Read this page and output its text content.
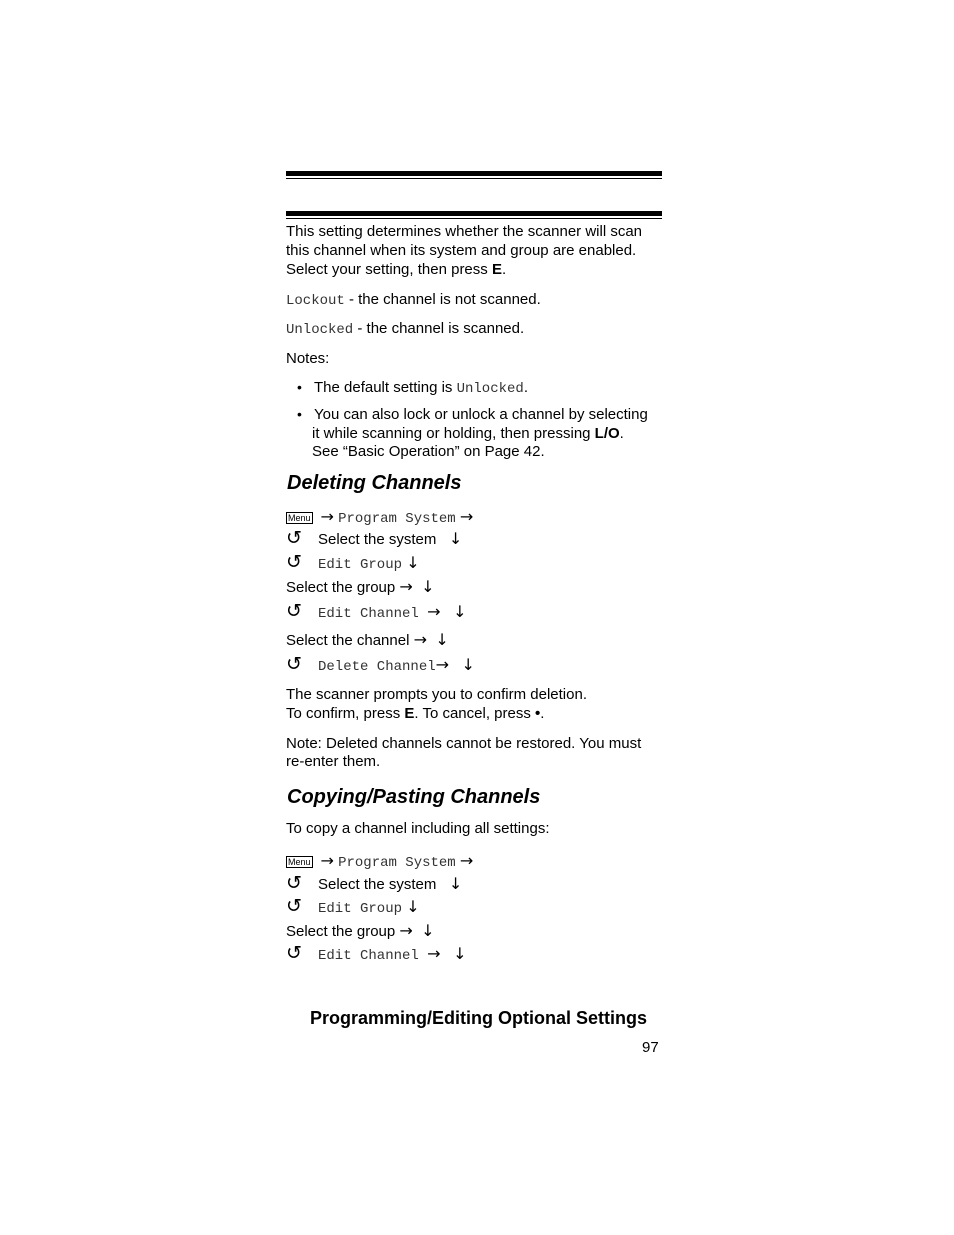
This setting determines whether the scanner will scan
this channel when its system and group are enabled.
Select your setting, then press E.
Lockout - the channel is not scanned.
Unlocked - the channel is scanned.
Notes:
• The default setting is Unlocked.
• You can also lock or unlock a channel by selecting
it while scanning or holding, then pressing L/O.
See “Basic Operation” on Page 42.
Deleting Channels
Menu → Program System →
↺ Select the system ↓
↺ Edit Group ↓
Select the group → ↓
↺ Edit Channel → ↓
Select the channel → ↓
↺ Delete Channel→ ↓
The scanner prompts you to confirm deletion.
To confirm, press E. To cancel, press •.
Note: Deleted channels cannot be restored. You must
re-enter them.
Copying/Pasting Channels
To copy a channel including all settings:
Menu → Program System →
↺ Select the system ↓
↺ Edit Group ↓
Select the group → ↓
↺ Edit Channel → ↓
Programming/Editing Optional Settings
97
